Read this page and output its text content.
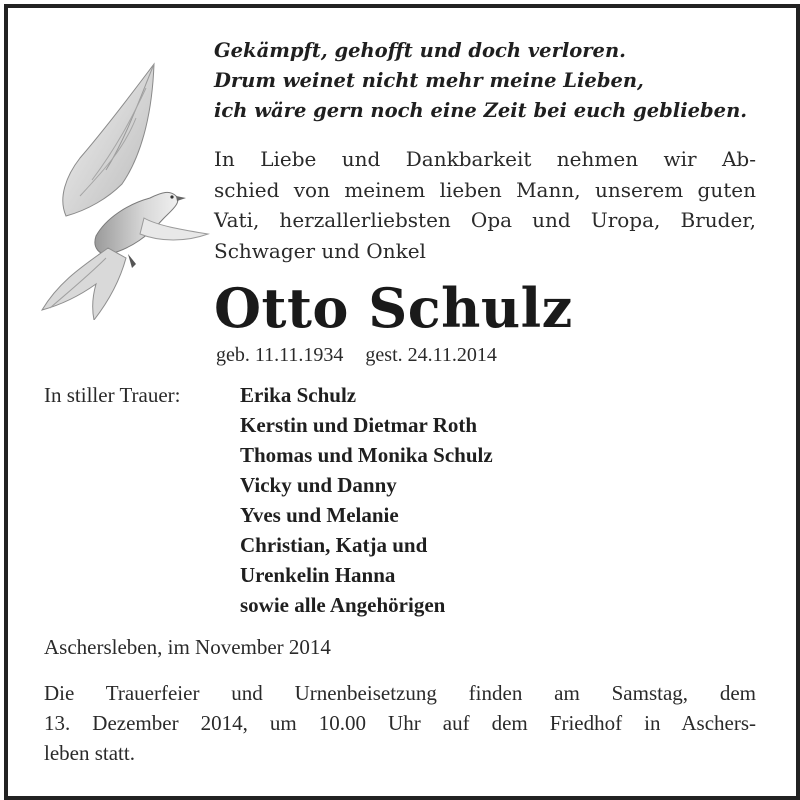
Gekämpft, gehofft und doch verloren.
Drum weinet nicht mehr meine Lieben,
ich wäre gern noch eine Zeit bei euch geblieben.
In Liebe und Dankbarkeit nehmen wir Ab-
schied von meinem lieben Mann, unserem guten
Vati, herzallerliebsten Opa und Uropa, Bruder,
Schwager und Onkel
Otto Schulz
geb. 11.11.1934 gest. 24.11.2014
In stiller Trauer:	Erika Schulz
Kerstin und Dietmar Roth
Thomas und Monika Schulz
Vicky und Danny
Yves und Melanie
Christian, Katja und
Urenkelin Hanna
sowie alle Angehörigen
Aschersleben, im November 2014
Die Trauerfeier und Urnenbeisetzung finden am Samstag, dem
13. Dezember 2014, um 10.00 Uhr auf dem Friedhof in Aschers-
leben statt.
